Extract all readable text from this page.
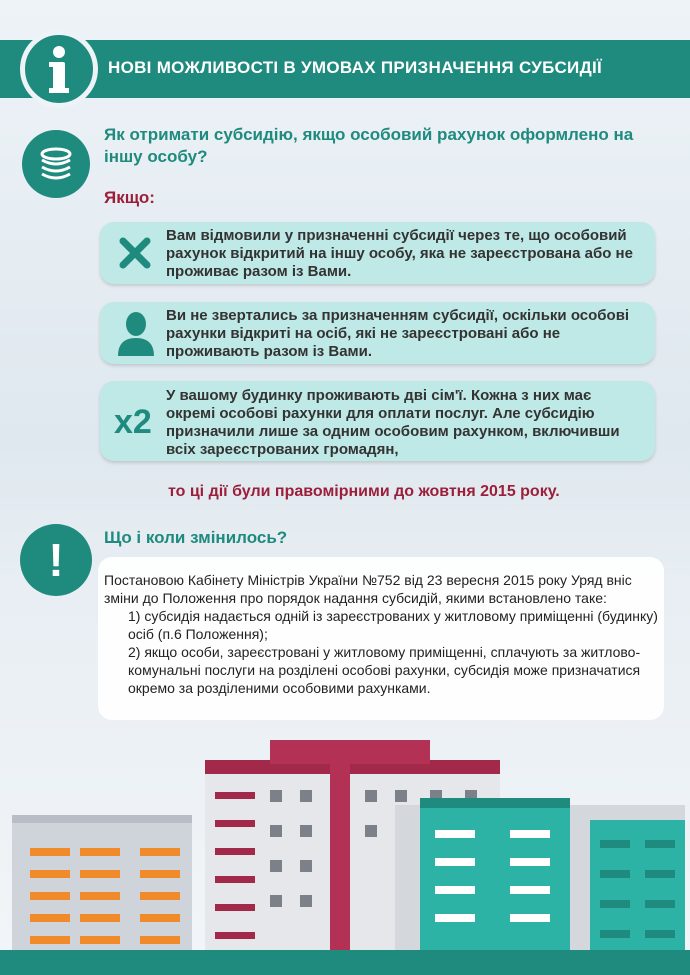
НОВІ МОЖЛИВОСТІ В УМОВАХ ПРИЗНАЧЕННЯ СУБСИДІЇ
Як отримати субсидію, якщо особовий рахунок оформлено на іншу особу?
Якщо:
Вам відмовили у призначенні субсидії через те, що особовий рахунок відкритий на іншу особу, яка не зареєстрована або не проживає разом із Вами.
Ви не звертались за призначенням субсидії, оскільки особові рахунки відкриті на осіб, які не зареєстровані або не проживають разом із Вами.
x2
У вашому будинку проживають дві сім'ї. Кожна з них має окремі особові рахунки для оплати послуг. Але субсидію призначили лише за одним особовим рахунком, включивши всіх зареєстрованих громадян,
то ці дії були правомірними до жовтня 2015 року.
! Що і коли змінилось?

Постановою Кабінету Міністрів України №752 від 23 вересня 2015 року Уряд вніс зміни до Положення про порядок надання субсидій, якими встановлено таке:

1) субсидія надається одній із зареєстрованих у житловому приміщенні (будинку) осіб (п.6 Положення);

2) якщо особи, зареєстровані у житловому приміщенні, сплачують за житлово-комунальні послуги на розділені особові рахунки, субсидія може призначатися окремо за розділеними особовими рахунками.
